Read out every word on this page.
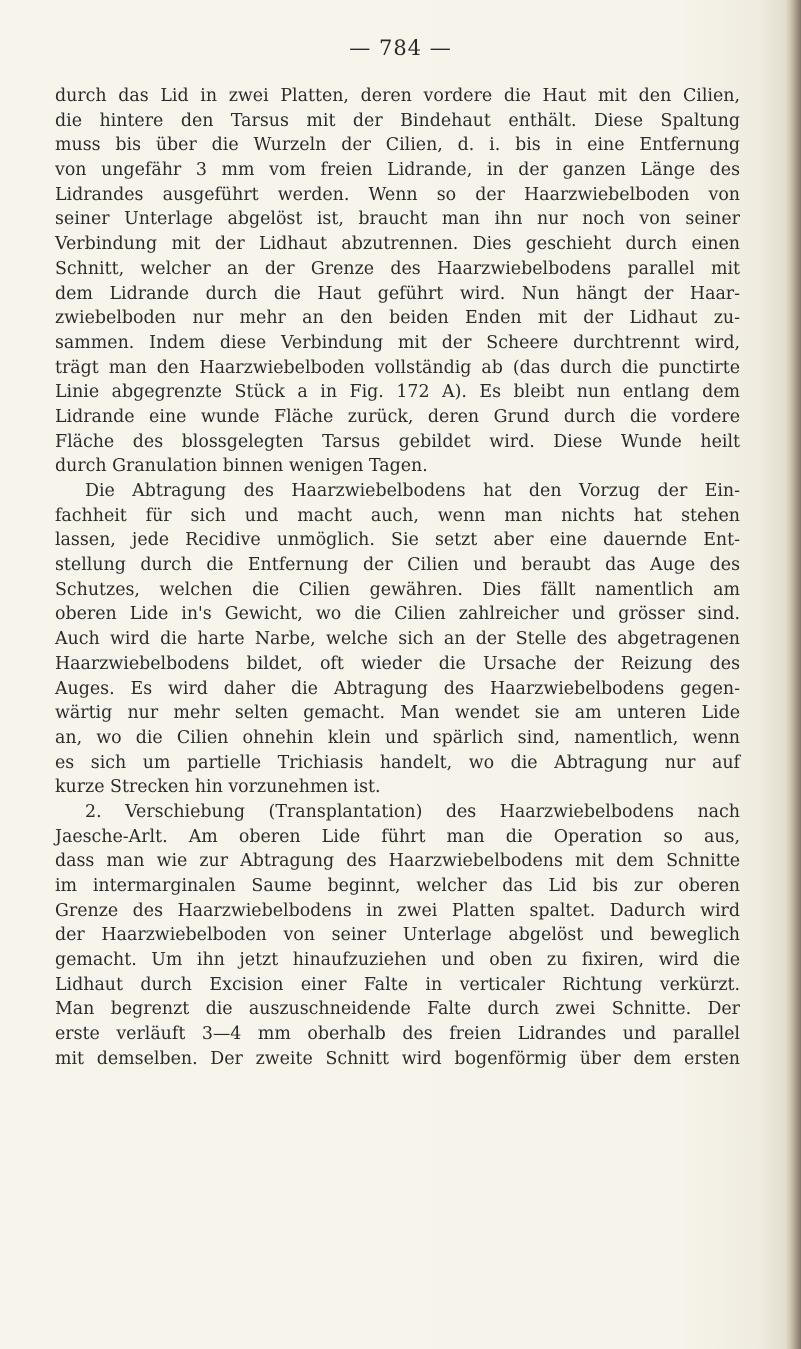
— 784 —
durch das Lid in zwei Platten, deren vordere die Haut mit den Cilien,
die hintere den Tarsus mit der Bindehaut enthält. Diese Spaltung
muss bis über die Wurzeln der Cilien, d. i. bis in eine Entfernung
von ungefähr 3 mm vom freien Lidrande, in der ganzen Länge des
Lidrandes ausgeführt werden. Wenn so der Haarzwiebelboden von
seiner Unterlage abgelöst ist, braucht man ihn nur noch von seiner
Verbindung mit der Lidhaut abzutrennen. Dies geschieht durch einen
Schnitt, welcher an der Grenze des Haarzwiebelbodens parallel mit
dem Lidrande durch die Haut geführt wird. Nun hängt der Haar-
zwiebelboden nur mehr an den beiden Enden mit der Lidhaut zu-
sammen. Indem diese Verbindung mit der Scheere durchtrennt wird,
trägt man den Haarzwiebelboden vollständig ab (das durch die punctirte
Linie abgegrenzte Stück a in Fig. 172 A). Es bleibt nun entlang dem
Lidrande eine wunde Fläche zurück, deren Grund durch die vordere
Fläche des blossgelegten Tarsus gebildet wird. Diese Wunde heilt
durch Granulation binnen wenigen Tagen.
Die Abtragung des Haarzwiebelbodens hat den Vorzug der Ein-
fachheit für sich und macht auch, wenn man nichts hat stehen
lassen, jede Recidive unmöglich. Sie setzt aber eine dauernde Ent-
stellung durch die Entfernung der Cilien und beraubt das Auge des
Schutzes, welchen die Cilien gewähren. Dies fällt namentlich am
oberen Lide in's Gewicht, wo die Cilien zahlreicher und grösser sind.
Auch wird die harte Narbe, welche sich an der Stelle des abgetragenen
Haarzwiebelbodens bildet, oft wieder die Ursache der Reizung des
Auges. Es wird daher die Abtragung des Haarzwiebelbodens gegen-
wärtig nur mehr selten gemacht. Man wendet sie am unteren Lide
an, wo die Cilien ohnehin klein und spärlich sind, namentlich, wenn
es sich um partielle Trichiasis handelt, wo die Abtragung nur auf
kurze Strecken hin vorzunehmen ist.
2. Verschiebung (Transplantation) des Haarzwiebelbodens nach
Jaesche-Arlt. Am oberen Lide führt man die Operation so aus,
dass man wie zur Abtragung des Haarzwiebelbodens mit dem Schnitte
im intermarginalen Saume beginnt, welcher das Lid bis zur oberen
Grenze des Haarzwiebelbodens in zwei Platten spaltet. Dadurch wird
der Haarzwiebelboden von seiner Unterlage abgelöst und beweglich
gemacht. Um ihn jetzt hinaufzuziehen und oben zu fixiren, wird die
Lidhaut durch Excision einer Falte in verticaler Richtung verkürzt.
Man begrenzt die auszuschneidende Falte durch zwei Schnitte. Der
erste verläuft 3—4 mm oberhalb des freien Lidrandes und parallel
mit demselben. Der zweite Schnitt wird bogenförmig über dem ersten
